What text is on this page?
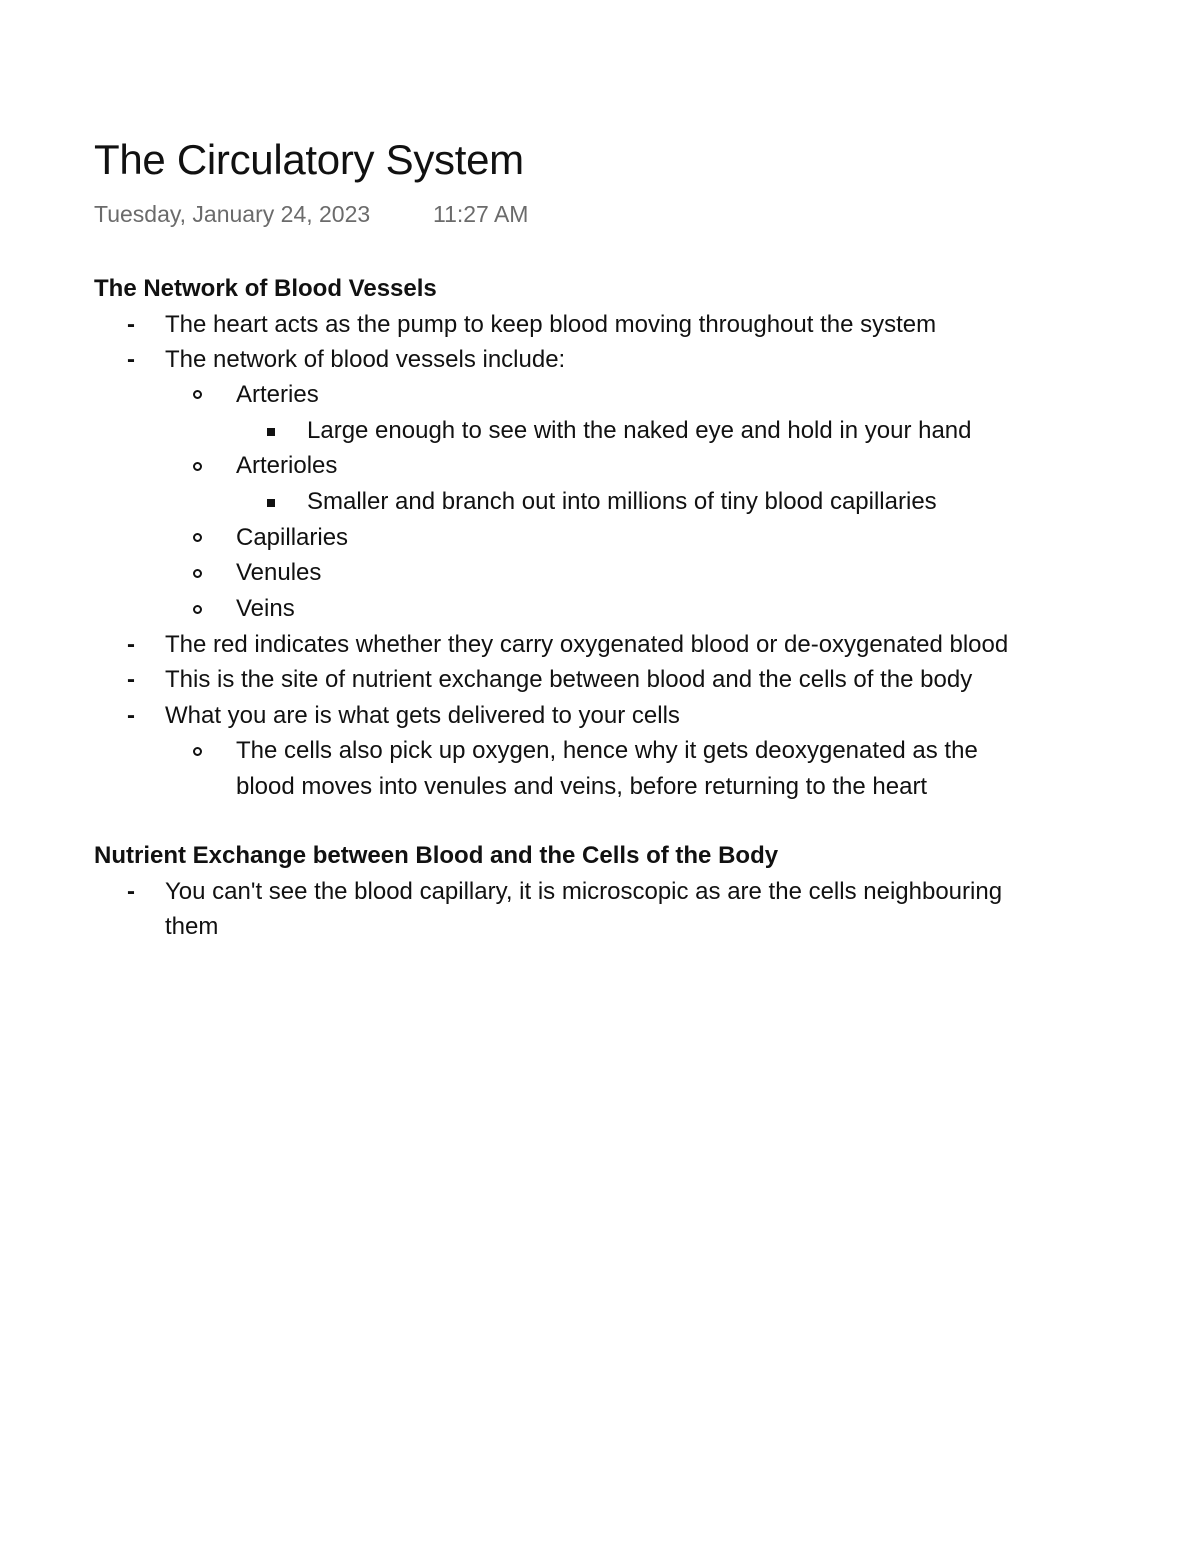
The Circulatory System
Tuesday, January 24, 2023	11:27 AM
The Network of Blood Vessels
- The heart acts as the pump to keep blood moving throughout the system
- The network of blood vessels include:
Arteries
Large enough to see with the naked eye and hold in your hand
Arterioles
Smaller and branch out into millions of tiny blood capillaries
Capillaries
Venules
Veins
- The red indicates whether they carry oxygenated blood or de-oxygenated blood
- This is the site of nutrient exchange between blood and the cells of the body
- What you are is what gets delivered to your cells
The cells also pick up oxygen, hence why it gets deoxygenated as the
blood moves into venules and veins, before returning to the heart
Nutrient Exchange between Blood and the Cells of the Body
- You can't see the blood capillary, it is microscopic as are the cells neighbouring
them
